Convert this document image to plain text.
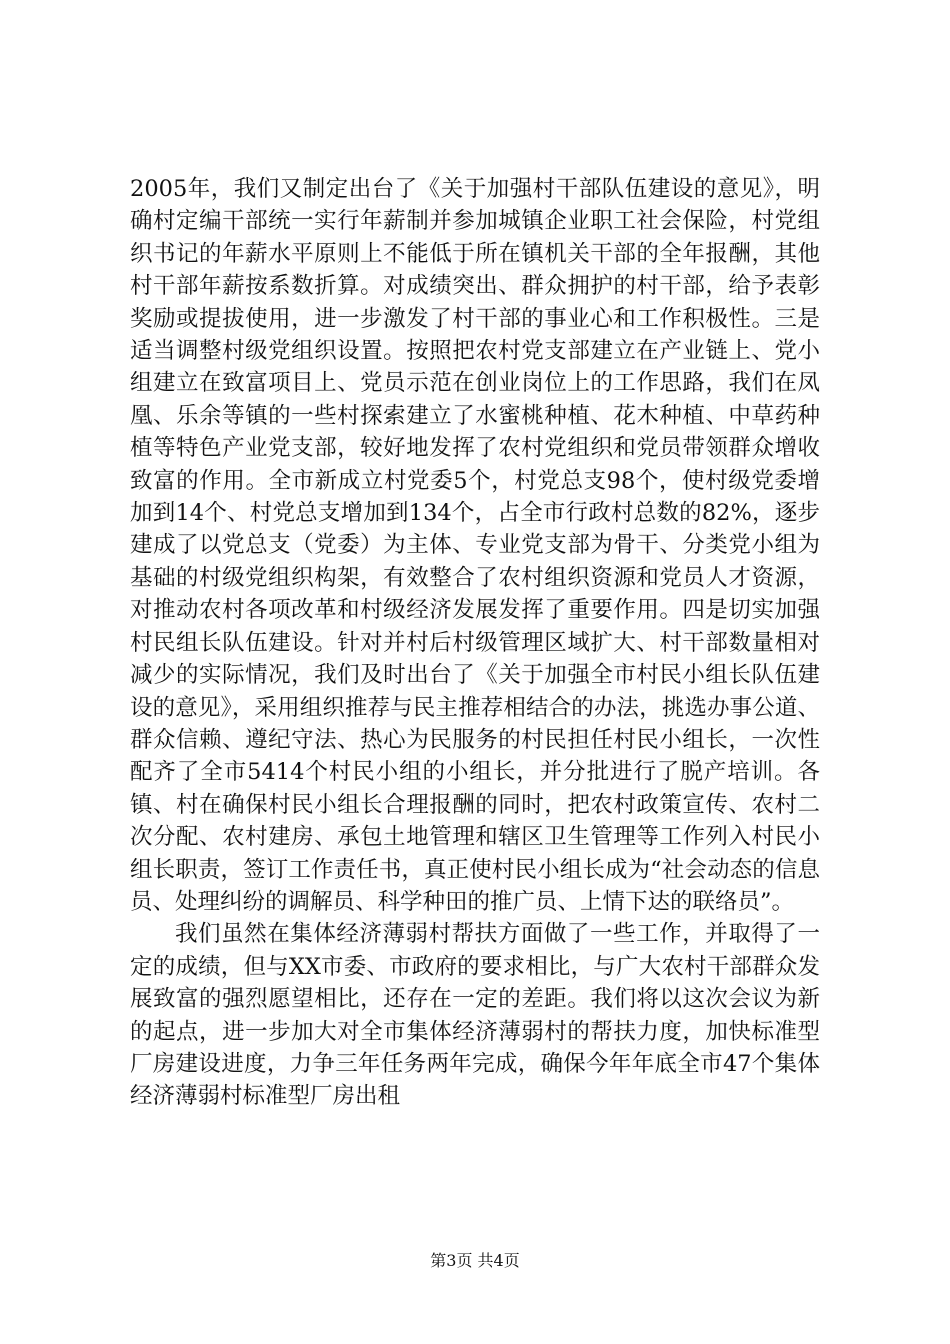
2005年，我们又制定出台了《关于加强村干部队伍建设的意见》，明确村定编干部统一实行年薪制并参加城镇企业职工社会保险，村党组织书记的年薪水平原则上不能低于所在镇机关干部的全年报酬，其他村干部年薪按系数折算。对成绩突出、群众拥护的村干部，给予表彰奖励或提拔使用，进一步激发了村干部的事业心和工作积极性。三是适当调整村级党组织设置。按照把农村党支部建立在产业链上、党小组建立在致富项目上、党员示范在创业岗位上的工作思路，我们在凤凰、乐余等镇的一些村探索建立了水蜜桃种植、花木种植、中草药种植等特色产业党支部，较好地发挥了农村党组织和党员带领群众增收致富的作用。全市新成立村党委5个，村党总支98个，使村级党委增加到14个、村党总支增加到134个，占全市行政村总数的82%，逐步建成了以党总支（党委）为主体、专业党支部为骨干、分类党小组为基础的村级党组织构架，有效整合了农村组织资源和党员人才资源，对推动农村各项改革和村级经济发展发挥了重要作用。四是切实加强村民组长队伍建设。针对并村后村级管理区域扩大、村干部数量相对减少的实际情况，我们及时出台了《关于加强全市村民小组长队伍建设的意见》，采用组织推荐与民主推荐相结合的办法，挑选办事公道、群众信赖、遵纪守法、热心为民服务的村民担任村民小组长，一次性配齐了全市5414个村民小组的小组长，并分批进行了脱产培训。各镇、村在确保村民小组长合理报酬的同时，把农村政策宣传、农村二次分配、农村建房、承包土地管理和辖区卫生管理等工作列入村民小组长职责，签订工作责任书，真正使村民小组长成为“社会动态的信息员、处理纠纷的调解员、科学种田的推广员、上情下达的联络员”。

我们虽然在集体经济薄弱村帮扶方面做了一些工作，并取得了一定的成绩，但与XX市委、市政府的要求相比，与广大农村干部群众发展致富的强烈愿望相比，还存在一定的差距。我们将以这次会议为新的起点，进一步加大对全市集体经济薄弱村的帮扶力度，加快标准型厂房建设进度，力争三年任务两年完成，确保今年年底全市47个集体经济薄弱村标准型厂房出租

第3页 共4页
